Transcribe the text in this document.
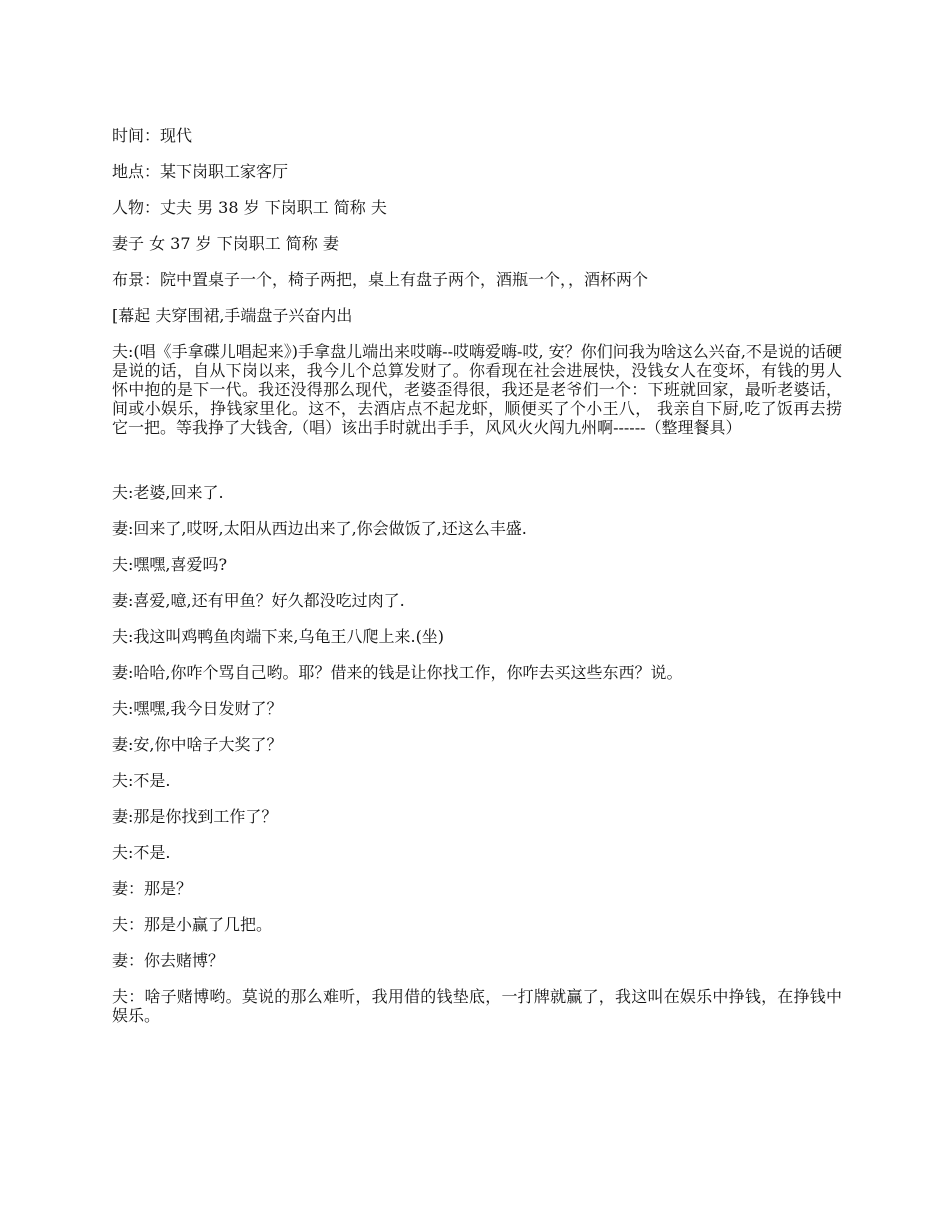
时间：现代

地点：某下岗职工家客厅

人物：丈夫 男 38 岁 下岗职工 简称 夫

妻子 女 37 岁 下岗职工 简称 妻

布景：院中置桌子一个，椅子两把，桌上有盘子两个，酒瓶一个，，酒杯两个

[幕起 夫穿围裙,手端盘子兴奋内出

夫:(唱《手拿碟儿唱起来》)手拿盘儿端出来哎嗨--哎嗨爱嗨-哎, 安？你们问我为啥这么兴奋,不是说的话硬是说的话，自从下岗以来，我今儿个总算发财了。你看现在社会进展快，没钱女人在变坏，有钱的男人怀中抱的是下一代。我还没得那么现代，老婆歪得很，我还是老爷们一个：下班就回家，最听老婆话，间或小娱乐，挣钱家里化。这不，去酒店点不起龙虾，顺便买了个小王八， 我亲自下厨,吃了饭再去捞它一把。等我挣了大钱舍,（唱）该出手时就出手手，风风火火闯九州啊------（整理餐具）

夫:老婆,回来了.

妻:回来了,哎呀,太阳从西边出来了,你会做饭了,还这么丰盛.

夫:嘿嘿,喜爱吗?

妻:喜爱,噫,还有甲鱼？好久都没吃过肉了.

夫:我这叫鸡鸭鱼肉端下来,乌龟王八爬上来.(坐)

妻:哈哈,你咋个骂自己哟。耶？借来的钱是让你找工作，你咋去买这些东西？说。

夫:嘿嘿,我今日发财了？

妻:安,你中啥子大奖了？

夫:不是.

妻:那是你找到工作了？

夫:不是.

妻：那是？

夫：那是小赢了几把。

妻：你去赌博？

夫：啥子赌博哟。莫说的那么难听，我用借的钱垫底，一打牌就赢了，我这叫在娱乐中挣钱，在挣钱中娱乐。
